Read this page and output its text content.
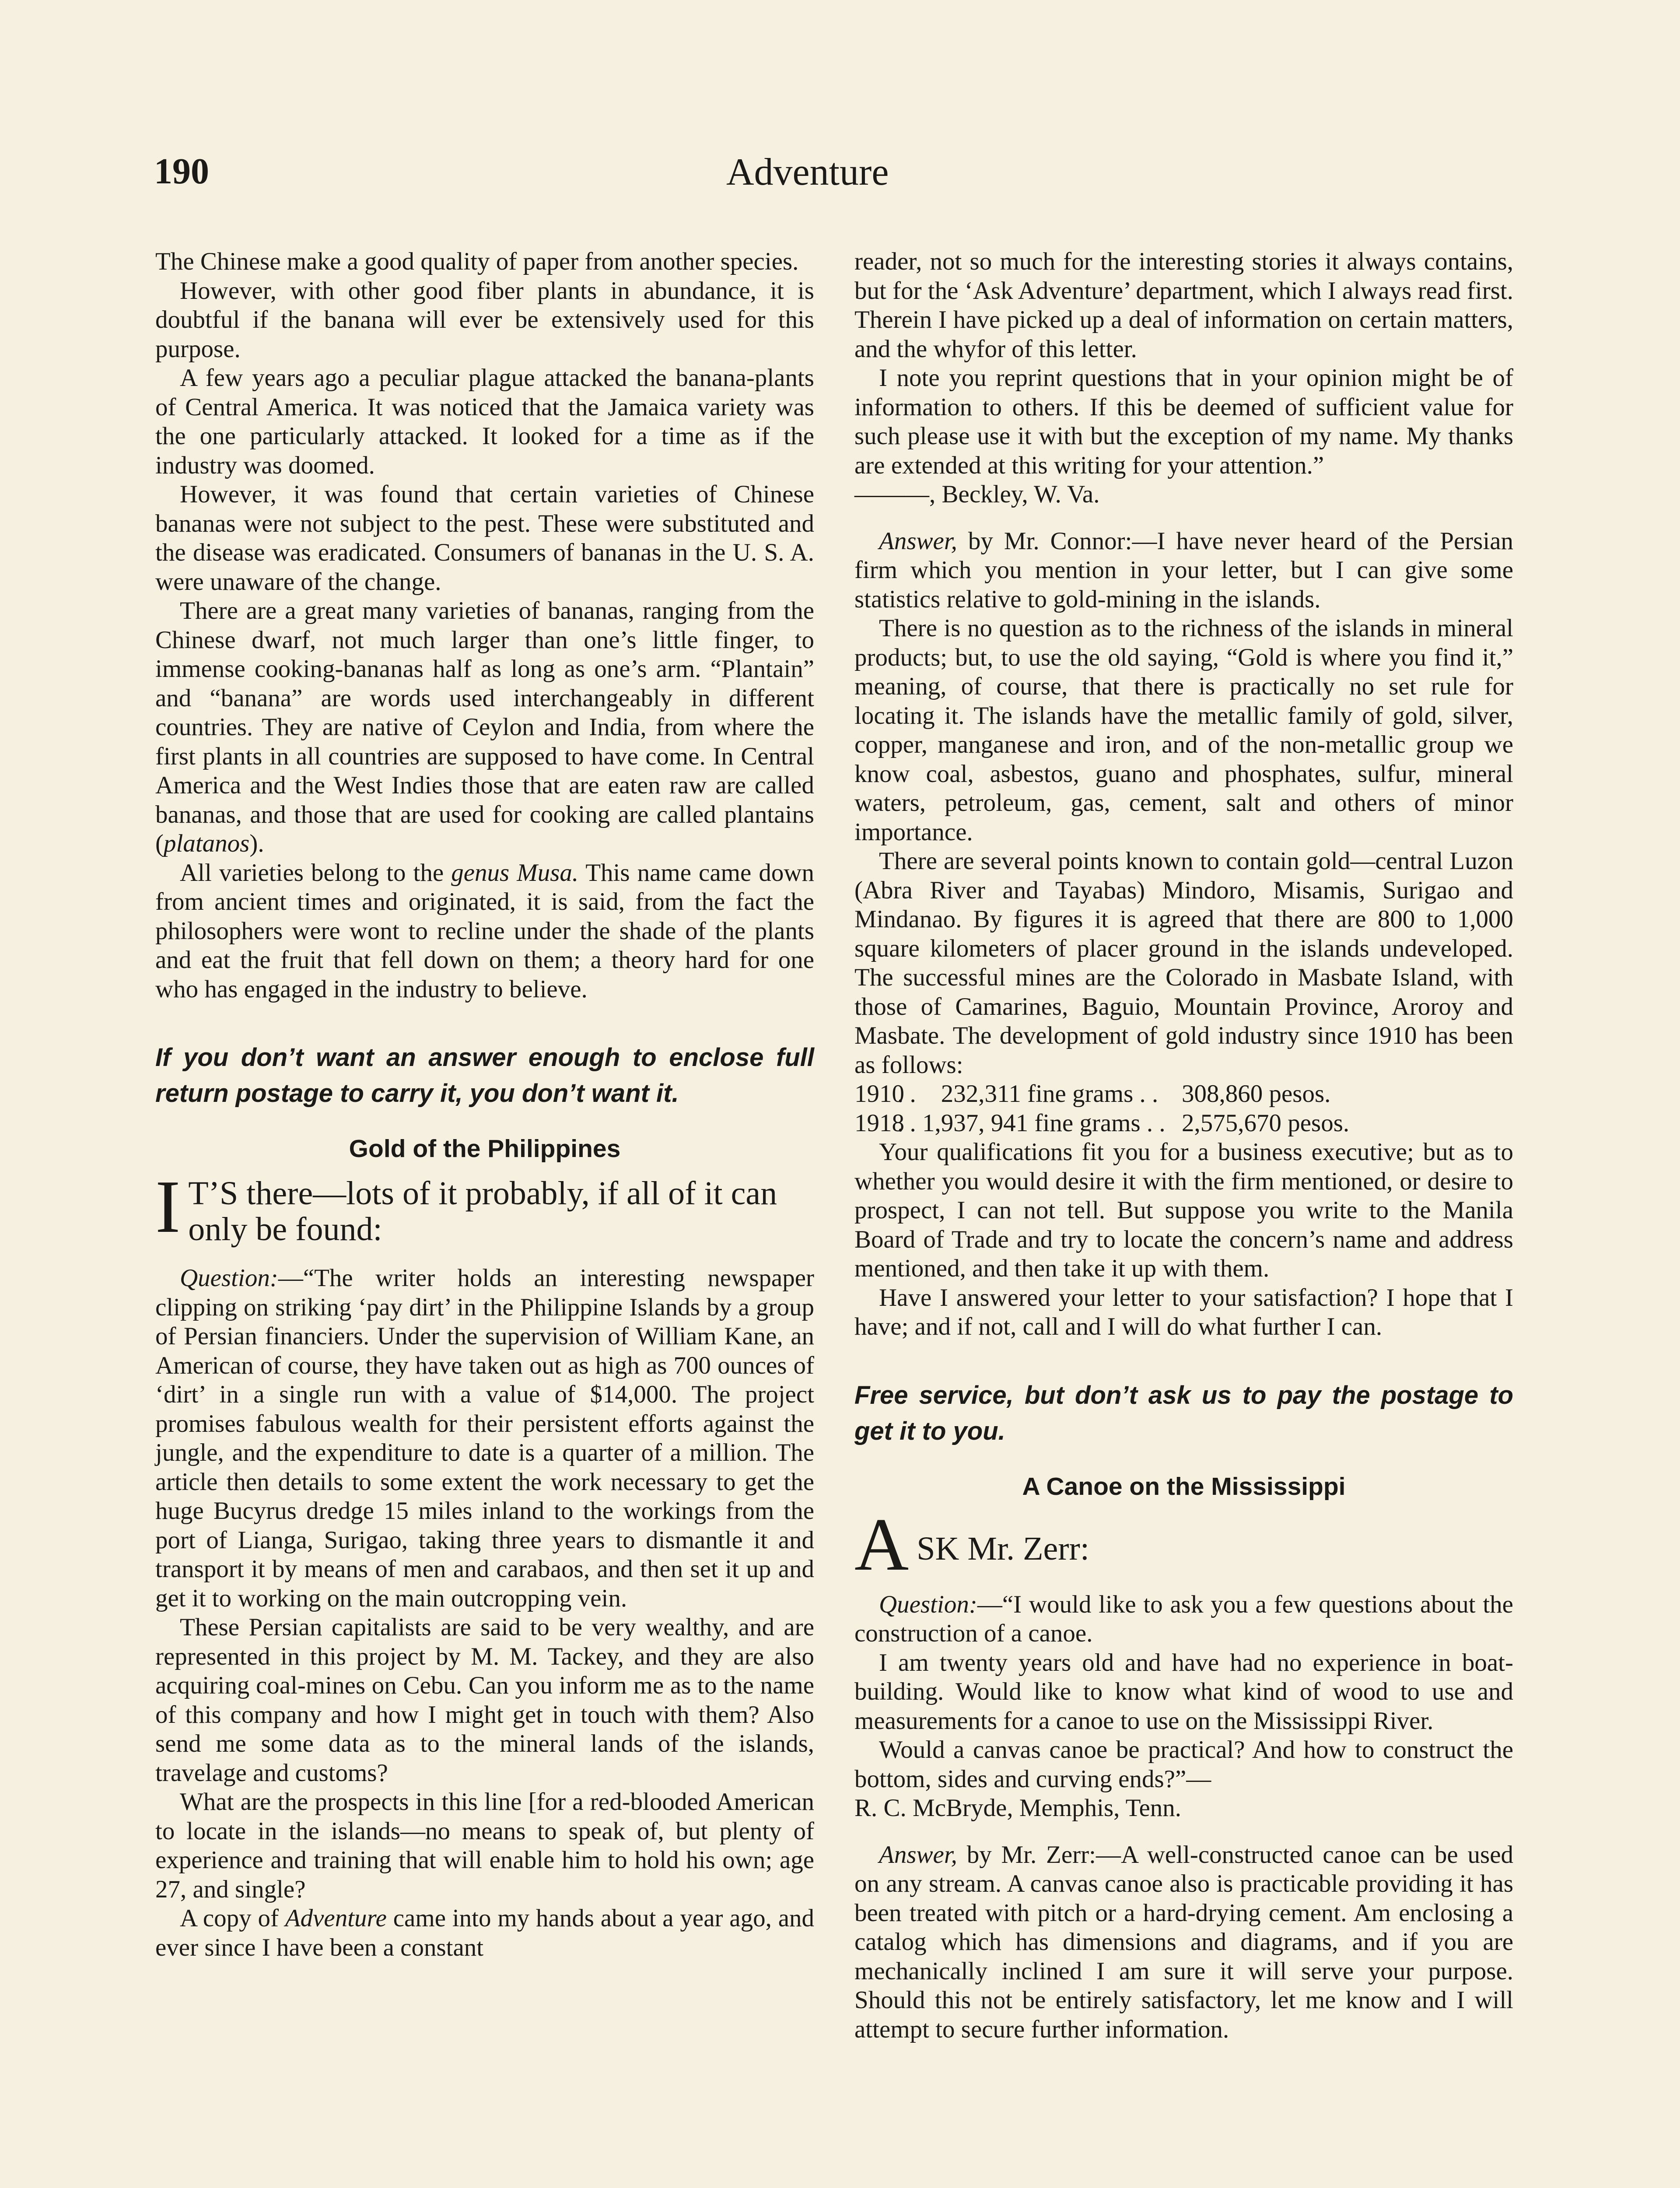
190	Adventure

The Chinese make a good quality of paper from another species.

However, with other good fiber plants in abundance, it is doubtful if the banana will ever be extensively used for this purpose.

A few years ago a peculiar plague attacked the banana-plants of Central America. It was noticed that the Jamaica variety was the one particularly attacked. It looked for a time as if the industry was doomed.

However, it was found that certain varieties of Chinese bananas were not subject to the pest. These were substituted and the disease was eradicated. Consumers of bananas in the U. S. A. were unaware of the change.

There are a great many varieties of bananas, ranging from the Chinese dwarf, not much larger than one’s little finger, to immense cooking-bananas half as long as one’s arm. “Plantain” and “banana” are words used interchangeably in different countries. They are native of Ceylon and India, from where the first plants in all countries are supposed to have come. In Central America and the West Indies those that are eaten raw are called bananas, and those that are used for cooking are called plantains (platanos).

All varieties belong to the genus Musa. This name came down from ancient times and originated, it is said, from the fact the philosophers were wont to recline under the shade of the plants and eat the fruit that fell down on them; a theory hard for one who has engaged in the industry to believe.

If you don’t want an answer enough to enclose full return postage to carry it, you don’t want it.
Gold of the Philippines
I T’S there—lots of it probably, if all of it can only be found:

Question:—“The writer holds an interesting newspaper clipping on striking ‘pay dirt’ in the Philippine Islands by a group of Persian financiers. Under the supervision of William Kane, an American of course, they have taken out as high as 700 ounces of ‘dirt’ in a single run with a value of $14,000. The project promises fabulous wealth for their persistent efforts against the jungle, and the expenditure to date is a quarter of a million. The article then details to some extent the work necessary to get the huge Bucyrus dredge 15 miles inland to the workings from the port of Lianga, Surigao, taking three years to dismantle it and transport it by means of men and carabaos, and then set it up and get it to working on the main outcropping vein.

These Persian capitalists are said to be very wealthy, and are represented in this project by M. M. Tackey, and they are also acquiring coal-mines on Cebu. Can you inform me as to the name of this company and how I might get in touch with them? Also send me some data as to the mineral lands of the islands, travelage and customs?

What are the prospects in this line [for a red-blooded American to locate in the islands—no means to speak of, but plenty of experience and training that will enable him to hold his own; age 27, and single?

A copy of Adventure came into my hands about a year ago, and ever since I have been a constant

reader, not so much for the interesting stories it always contains, but for the ‘Ask Adventure’ department, which I always read first. Therein I have picked up a deal of information on certain matters, and the whyfor of this letter.

I note you reprint questions that in your opinion might be of information to others. If this be deemed of sufficient value for such please use it with but the exception of my name. My thanks are extended at this writing for your attention.”

———, Beckley, W. Va.

Answer, by Mr. Connor:—I have never heard of the Persian firm which you mention in your letter, but I can give some statistics relative to gold-mining in the islands.

There is no question as to the richness of the islands in mineral products; but, to use the old saying, “Gold is where you find it,” meaning, of course, that there is practically no set rule for locating it. The islands have the metallic family of gold, silver, copper, manganese and iron, and of the non-metallic group we know coal, asbestos, guano and phosphates, sulfur, mineral waters, petroleum, gas, cement, salt and others of minor importance.

There are several points known to contain gold—central Luzon (Abra River and Tayabas) Mindoro, Misamis, Surigao and Mindanao. By figures it is agreed that there are 800 to 1,000 square kilometers of placer ground in the islands undeveloped. The successful mines are the Colorado in Masbate Island, with those of Camarines, Baguio, Mountain Province, Aroroy and Masbate. The development of gold industry since 1910 has been as follows:

1910
. .    232,311 fine grams . . 308,860 pesos.
1918
. . 1,937, 941 fine grams . . 2,575,670 pesos.

Your qualifications fit you for a business executive; but as to whether you would desire it with the firm mentioned, or desire to prospect, I can not tell. But suppose you write to the Manila Board of Trade and try to locate the concern’s name and address mentioned, and then take it up with them.

Have I answered your letter to your satisfaction? I hope that I have; and if not, call and I will do what further I can.

Free service, but don’t ask us to pay the postage to get it to you.
A Canoe on the Mississippi
A SK Mr. Zerr:

Question:—“I would like to ask you a few questions about the construction of a canoe.

I am twenty years old and have had no experience in boat-building. Would like to know what kind of wood to use and measurements for a canoe to use on the Mississippi River.

Would a canvas canoe be practical? And how to construct the bottom, sides and curving ends?”—

R. C. McBryde, Memphis, Tenn.

Answer, by Mr. Zerr:—A well-constructed canoe can be used on any stream. A canvas canoe also is practicable providing it has been treated with pitch or a hard-drying cement. Am enclosing a catalog which has dimensions and diagrams, and if you are mechanically inclined I am sure it will serve your purpose. Should this not be entirely satisfactory, let me know and I will attempt to secure further information.
